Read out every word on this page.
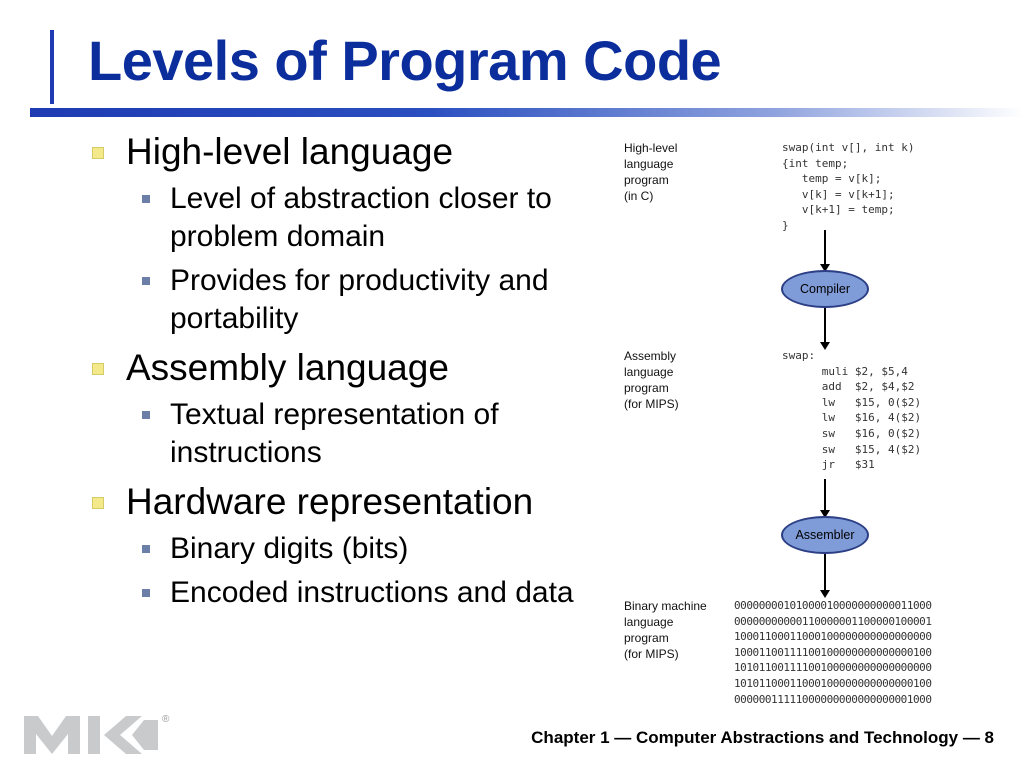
Levels of Program Code
High-level language
Level of abstraction closer to problem domain
Provides for productivity and portability
Assembly language
Textual representation of instructions
Hardware representation
Binary digits (bits)
Encoded instructions and data
High-level
language
program
(in C)
swap(int v[], int k)
{int temp;
temp = v[k];
v[k] = v[k+1];
v[k+1] = temp;
}
Compiler
Assembly
language
program
(for MIPS)
swap:
muli $2, $5,4
add  $2, $4,$2
lw   $15, 0($2)
lw   $16, 4($2)
sw   $16, 0($2)
sw   $15, 4($2)
jr   $31
Assembler
Binary machine
language
program
(for MIPS)
00000000101000010000000000011000
00000000000110000001100000100001
10001100011000100000000000000000
10001100111100100000000000000100
10101100111100100000000000000000
10101100011000100000000000000100
00000011111000000000000000001000
®
Chapter 1 — Computer Abstractions and Technology — 8
